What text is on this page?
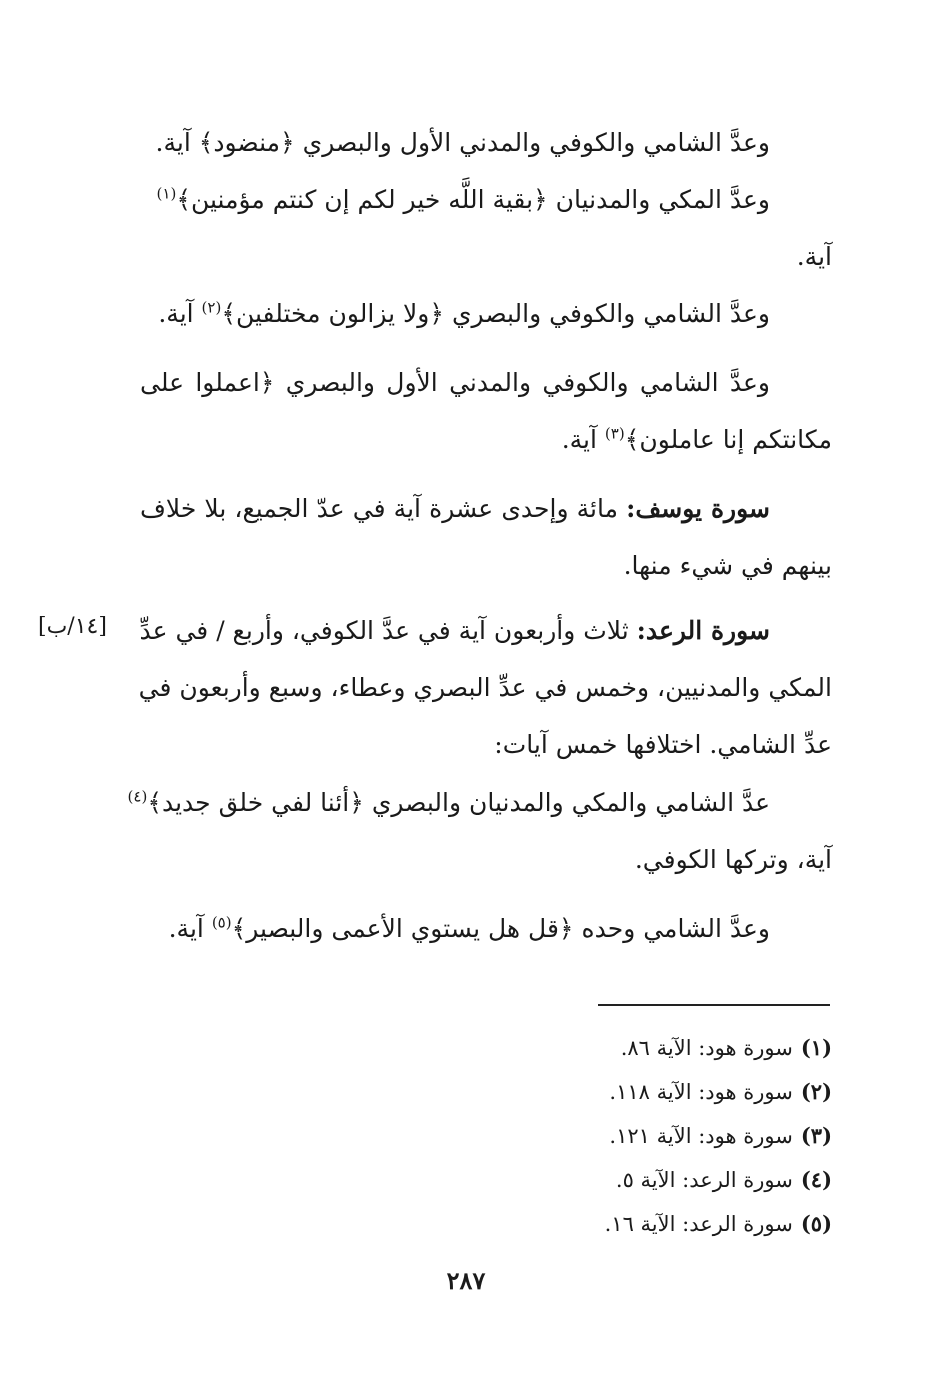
وعدَّ الشامي والكوفي والمدني الأول والبصري ﴿منضود﴾ آية.
وعدَّ المكي والمدنيان ﴿بقية اللَّه خير لكم إن كنتم مؤمنين﴾$^{(١)}$
آية.
وعدَّ الشامي والكوفي والبصري ﴿ولا يزالون مختلفين﴾$^{(٢)}$ آية.
وعدَّ الشامي والكوفي والمدني الأول والبصري ﴿اعملوا على
مكانتكم إنا عاملون﴾$^{(٣)}$ آية.
سورة يوسف: مائة وإحدى عشرة آية في عدّ الجميع، بلا خلاف
بينهم في شيء منها.
سورة الرعد: ثلاث وأربعون آية في عدَّ الكوفي، وأربع / في عدِّ
المكي والمدنيين، وخمس في عدِّ البصري وعطاء، وسبع وأربعون في
عدِّ الشامي. اختلافها خمس آيات:
[١٤/ب]
عدَّ الشامي والمكي والمدنيان والبصري ﴿أئنا لفي خلق جديد﴾$^{(٤)}$
آية، وتركها الكوفي.
وعدَّ الشامي وحده ﴿قل هل يستوي الأعمى والبصير﴾$^{(٥)}$ آية.
(١)سورة هود: الآية ٨٦.
(٢)سورة هود: الآية ١١٨.
(٣)سورة هود: الآية ١٢١.
(٤)سورة الرعد: الآية ٥.
(٥)سورة الرعد: الآية ١٦.
٢٨٧
